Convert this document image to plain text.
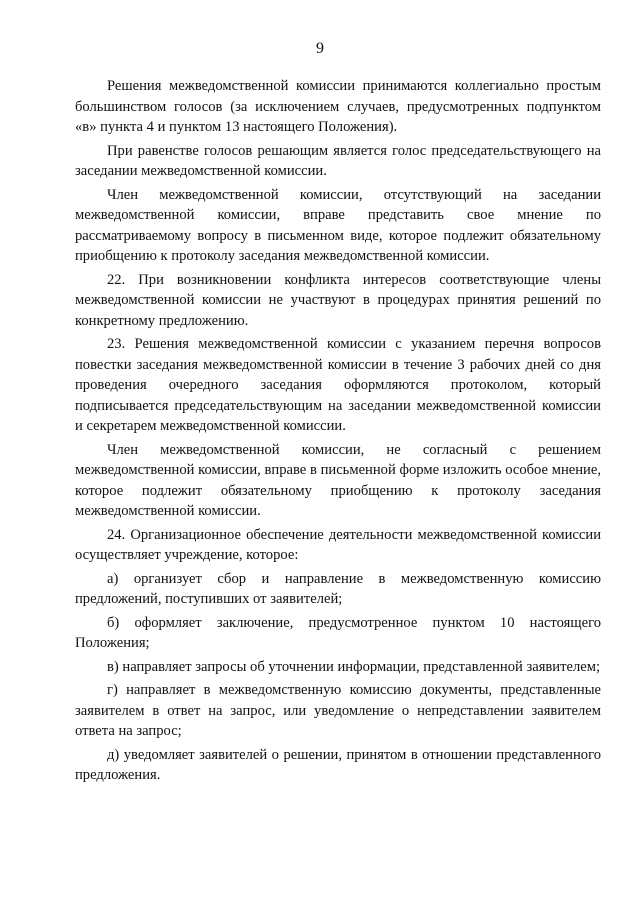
9

Решения межведомственной комиссии принимаются коллегиально простым большинством голосов (за исключением случаев, предусмотренных подпунктом «в» пункта 4 и пунктом 13 настоящего Положения).

При равенстве голосов решающим является голос председательствующего на заседании межведомственной комиссии.

Член межведомственной комиссии, отсутствующий на заседании межведомственной комиссии, вправе представить свое мнение по рассматриваемому вопросу в письменном виде, которое подлежит обязательному приобщению к протоколу заседания межведомственной комиссии.

22. При возникновении конфликта интересов соответствующие члены межведомственной комиссии не участвуют в процедурах принятия решений по конкретному предложению.

23. Решения межведомственной комиссии с указанием перечня вопросов повестки заседания межведомственной комиссии в течение 3 рабочих дней со дня проведения очередного заседания оформляются протоколом, который подписывается председательствующим на заседании межведомственной комиссии и секретарем межведомственной комиссии.

Член межведомственной комиссии, не согласный с решением межведомственной комиссии, вправе в письменной форме изложить особое мнение, которое подлежит обязательному приобщению к протоколу заседания межведомственной комиссии.

24. Организационное обеспечение деятельности межведомственной комиссии осуществляет учреждение, которое:

а) организует сбор и направление в межведомственную комиссию предложений, поступивших от заявителей;

б) оформляет заключение, предусмотренное пунктом 10 настоящего Положения;

в) направляет запросы об уточнении информации, представленной заявителем;

г) направляет в межведомственную комиссию документы, представленные заявителем в ответ на запрос, или уведомление о непредставлении заявителем ответа на запрос;

д) уведомляет заявителей о решении, принятом в отношении представленного предложения.
